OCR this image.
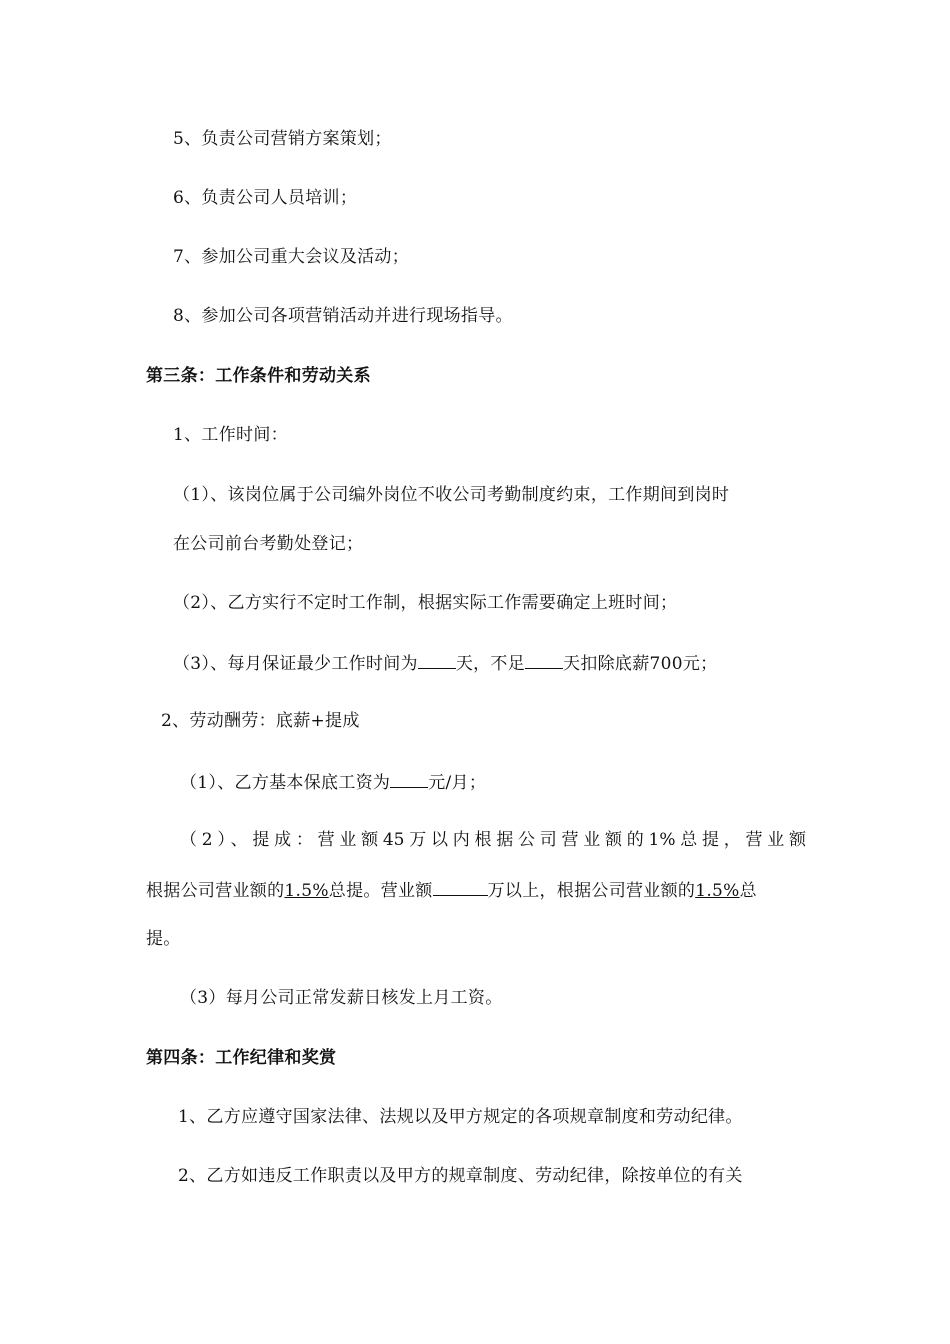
5、负责公司营销方案策划；
6、负责公司人员培训；
7、参加公司重大会议及活动；
8、参加公司各项营销活动并进行现场指导。
第三条：工作条件和劳动关系
1、工作时间：
（1）、该岗位属于公司编外岗位不收公司考勤制度约束，工作期间到岗时
在公司前台考勤处登记；
（2）、乙方实行不定时工作制，根据实际工作需要确定上班时间；
（3）、每月保证最少工作时间为 天，不足 天扣除底薪700元；
2、劳动酬劳：底薪+提成
（1）、乙方基本保底工资为 元/月；
（2）、提成：营业额45万以内根据公司营业额的1%总提，营业额
根据公司营业额的1.5%总提。营业额	万以上，根据公司营业额的1.5%总
提。
（3）每月公司正常发薪日核发上月工资。
第四条：工作纪律和奖赏
1、乙方应遵守国家法律、法规以及甲方规定的各项规章制度和劳动纪律。
2、乙方如违反工作职责以及甲方的规章制度、劳动纪律，除按单位的有关
